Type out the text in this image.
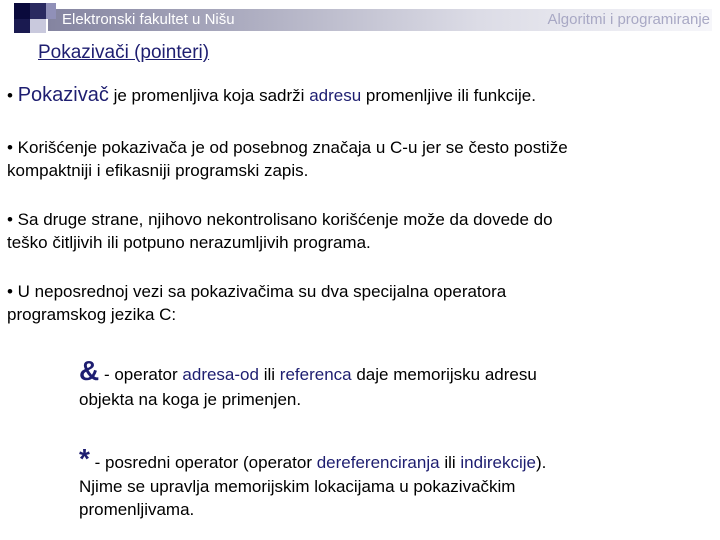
Elektronski fakultet u Nišu	Algoritmi i programiranje
Pokazivači (pointeri)
• Pokazivač je promenljiva koja sadrži adresu promenljive ili funkcije.
• Korišćenje pokazivača je od posebnog značaja u C-u jer se često postiže
kompaktniji i efikasniji programski zapis.
• Sa druge strane, njihovo nekontrolisano korišćenje može da dovede do
teško čitljivih ili potpuno nerazumljivih programa.
• U neposrednoj vezi sa pokazivačima su dva specijalna operatora
programskog jezika C:
& - operator adresa-od ili referenca daje memorijsku adresu
objekta na koga je primenjen.
* - posredni operator (operator dereferenciranja ili indirekcije).
Njime se upravlja memorijskim lokacijama u pokazivačkim
promenljivama.
